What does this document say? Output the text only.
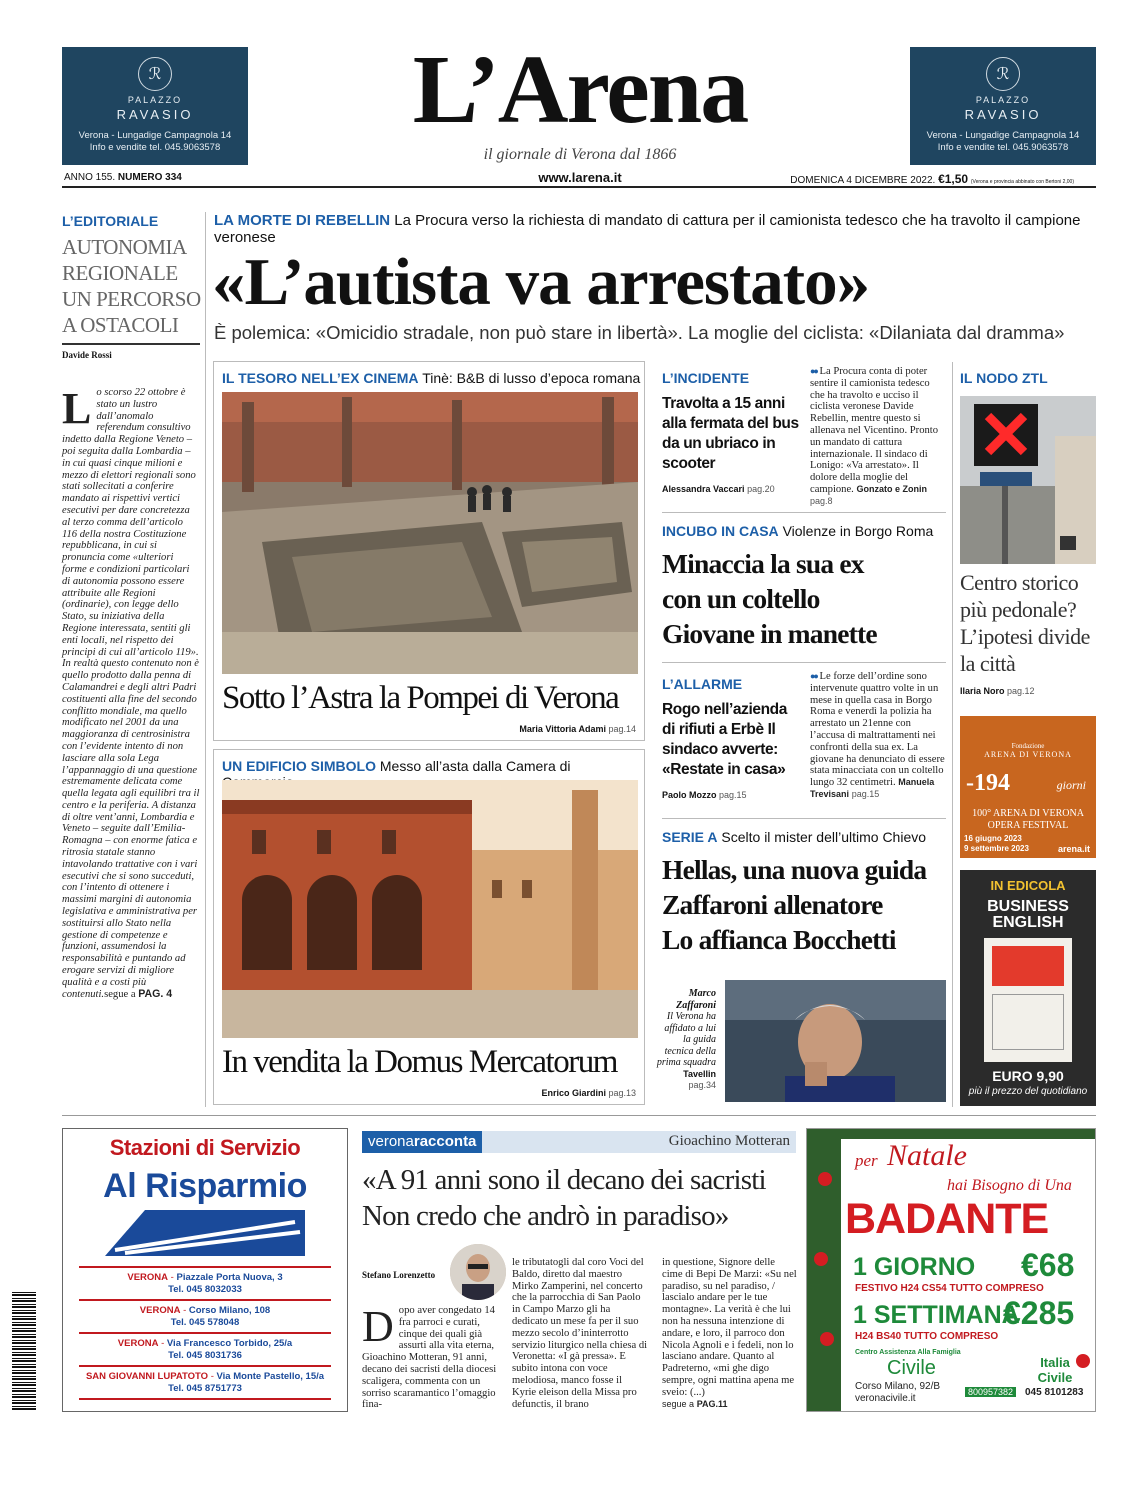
ℛ
PALAZZO
RAVASIO
Verona - Lungadige Campagnola 14
Info e vendite tel. 045.9063578
ℛ
PALAZZO
RAVASIO
Verona - Lungadige Campagnola 14
Info e vendite tel. 045.9063578
L’Arena
il giornale di Verona dal 1866
www.larena.it
ANNO 155. NUMERO 334	DOMENICA 4 DICEMBRE 2022. €1,50 (Verona e provincia abbinato con Bertoni 2,00)
L’EDITORIALE
AUTONOMIA REGIONALE UN PERCORSO A OSTACOLI
Davide Rossi
Lo scorso 22 ottobre è stato un lustro dall’anomalo referendum consultivo indetto dalla Regione Veneto – poi seguita dalla Lombardia – in cui quasi cinque milioni e mezzo di elettori regionali sono stati sollecitati a conferire mandato ai rispettivi vertici esecutivi per dare concretezza al terzo comma dell’articolo 116 della nostra Costituzione repubblicana, in cui si pronuncia come «ulteriori forme e condizioni particolari di autonomia possono essere attribuite alle Regioni (ordinarie), con legge dello Stato, su iniziativa della Regione interessata, sentiti gli enti locali, nel rispetto dei principi di cui all’articolo 119». In realtà questo contenuto non è quello prodotto dalla penna di Calamandrei e degli altri Padri costituenti alla fine del secondo conflitto mondiale, ma quello modificato nel 2001 da una maggioranza di centrosinistra con l’evidente intento di non lasciare alla sola Lega l’appannaggio di una questione estremamente delicata come quella legata agli equilibri tra il centro e la periferia. A distanza di oltre vent’anni, Lombardia e Veneto – seguite dall’Emilia-Romagna – con enorme fatica e ritrosia statale stanno intavolando trattative con i vari esecutivi che si sono succeduti, con l’intento di ottenere i massimi margini di autonomia legislativa e amministrativa per sostituirsi allo Stato nella gestione di competenze e funzioni, assumendosi la responsabilità e puntando ad erogare servizi di migliore qualità e a costi più contenuti.segue a PAG. 4
LA MORTE DI REBELLIN La Procura verso la richiesta di mandato di cattura per il camionista tedesco che ha travolto il campione veronese
«L’autista va arrestato»
È polemica: «Omicidio stradale, non può stare in libertà». La moglie del ciclista: «Dilaniata dal dramma»
IL TESORO NELL’EX CINEMA Tinè: B&B di lusso d’epoca romana
Sotto l’Astra la Pompei di Verona
Maria Vittoria Adami pag.14
UN EDIFICIO SIMBOLO Messo all’asta dalla Camera di
In vendita la Domus Mercatorum
Enrico Giardini pag.13
L’INCIDENTE
Travolta a 15 anni alla fermata del bus da un ubriaco in scooter
Alessandra Vaccari pag.20
●● La Procura conta di poter sentire il camionista tedesco che ha travolto e ucciso il ciclista veronese Davide Rebellin, mentre questo si allenava nel Vicentino. Pronto un mandato di cattura internazionale. Il sindaco di Lonigo: «Va arrestato». Il dolore della moglie del campione. Gonzato e Zonin pag.8
INCUBO IN CASA Violenze in Borgo Roma
Minaccia la sua ex
con un coltello
Giovane in manette
L’ALLARME
Rogo nell’azienda di rifiuti a Erbè Il sindaco avverte: «Restate in casa»
Paolo Mozzo pag.15
●● Le forze dell’ordine sono intervenute quattro volte in un mese in quella casa in Borgo Roma e venerdì la polizia ha arrestato un 21enne con l’accusa di maltrattamenti nei confronti della sua ex. La giovane ha denunciato di essere stata minacciata con un coltello lungo 32 centimetri. Manuela Trevisani pag.15
SERIE A Scelto il mister dell’ultimo Chievo
Hellas, una nuova guida
Zaffaroni allenatore
Lo affianca Bocchetti
Marco Zaffaroni
Il Verona ha affidato a lui la guida tecnica della prima squadra
Tavellin
pag.34
IL NODO ZTL
Centro storico più pedonale? L’ipotesi divide la città
Ilaria Noro pag.12
Fondazione
ARENA DI VERONA
-194	giorni
100° ARENA DI VERONA
OPERA FESTIVAL
16 giugno 2023
9 settembre 2023	arena.it
IN EDICOLA
BUSINESS
ENGLISH
EURO 9,90
più il prezzo del quotidiano
Stazioni di Servizio
Al Risparmio
VERONA - Piazzale Porta Nuova, 3
Tel. 045 8032033
VERONA - Corso Milano, 108
Tel. 045 578048
VERONA - Via Francesco Torbido, 25/a
Tel. 045 8031736
SAN GIOVANNI LUPATOTO - Via Monte Pastello, 15/a
Tel. 045 8751773
veronaracconta	Gioachino Motteran
«A 91 anni sono il decano dei sacristi Non credo che andrò in paradiso»
Stefano Lorenzetto
Dopo aver congedato 14 fra parroci e curati, cinque dei quali già assurti alla vita eterna, Gioachino Motteran, 91 anni, decano dei sacristi della diocesi scaligera, commenta con un sorriso scaramantico l’omaggio fina-
le tributatogli dal coro Voci del Baldo, diretto dal maestro Mirko Zamperini, nel concerto che la parrocchia di San Paolo in Campo Marzo gli ha dedicato un mese fa per il suo mezzo secolo d’ininterrotto servizio liturgico nella chiesa di Veronetta: «I gà pressa». E subito intona con voce melodiosa, manco fosse il Kyrie eleison della Missa pro defunctis, il brano
in questione, Signore delle cime di Bepi De Marzi: «Su nel paradiso, su nel paradiso, / lascialo andare per le tue montagne». La verità è che lui non ha nessuna intenzione di andare, e loro, il parroco don Nicola Agnoli e i fedeli, non lo lasciano andare. Quanto al Padreterno, «mi ghe digo sempre, ogni mattina apena me sveio: (...)
segue a PAG.11
per Natale
hai Bisogno di Una
BADANTE
1 GIORNO €68
FESTIVO H24 CS54 TUTTO COMPRESO
1 SETTIMANA
€285
H24 BS40 TUTTO COMPRESO
Centro Assistenza Alla Famiglia
Civile
Corso Milano, 92/B
veronacivile.it
800957382
Italia Civile
045 8101283
